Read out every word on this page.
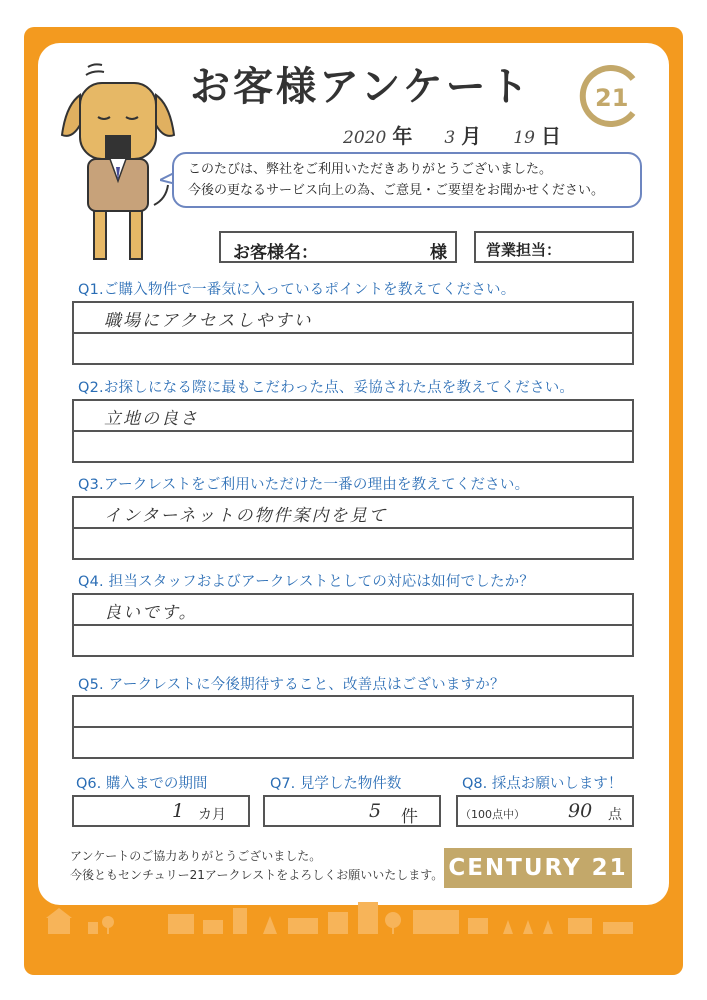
お客様アンケート	21
2020 年 3 月 19 日
このたびは、弊社をご利用いただきありがとうございました。
今後の更なるサービス向上の為、ご意見・ご要望をお聞かせください。
お客様名：	様	営業担当：
Q1.ご購入物件で一番気に入っているポイントを教えてください。
職場にアクセスしやすい
Q2.お探しになる際に最もこだわった点、妥協された点を教えてください。
立地の良さ
Q3.アークレストをご利用いただけた一番の理由を教えてください。
インターネットの物件案内を見て
Q4. 担当スタッフおよびアークレストとしての対応は如何でしたか？
良いです。
Q5. アークレストに今後期待すること、改善点はございますか？
Q6. 購入までの期間
1 カ月
Q7. 見学した物件数
5 件
Q8. 採点お願いします！
（100点中） 90 点
アンケートのご協力ありがとうございました。
今後ともセンチュリー21アークレストをよろしくお願いいたします。 CENTURY 21
